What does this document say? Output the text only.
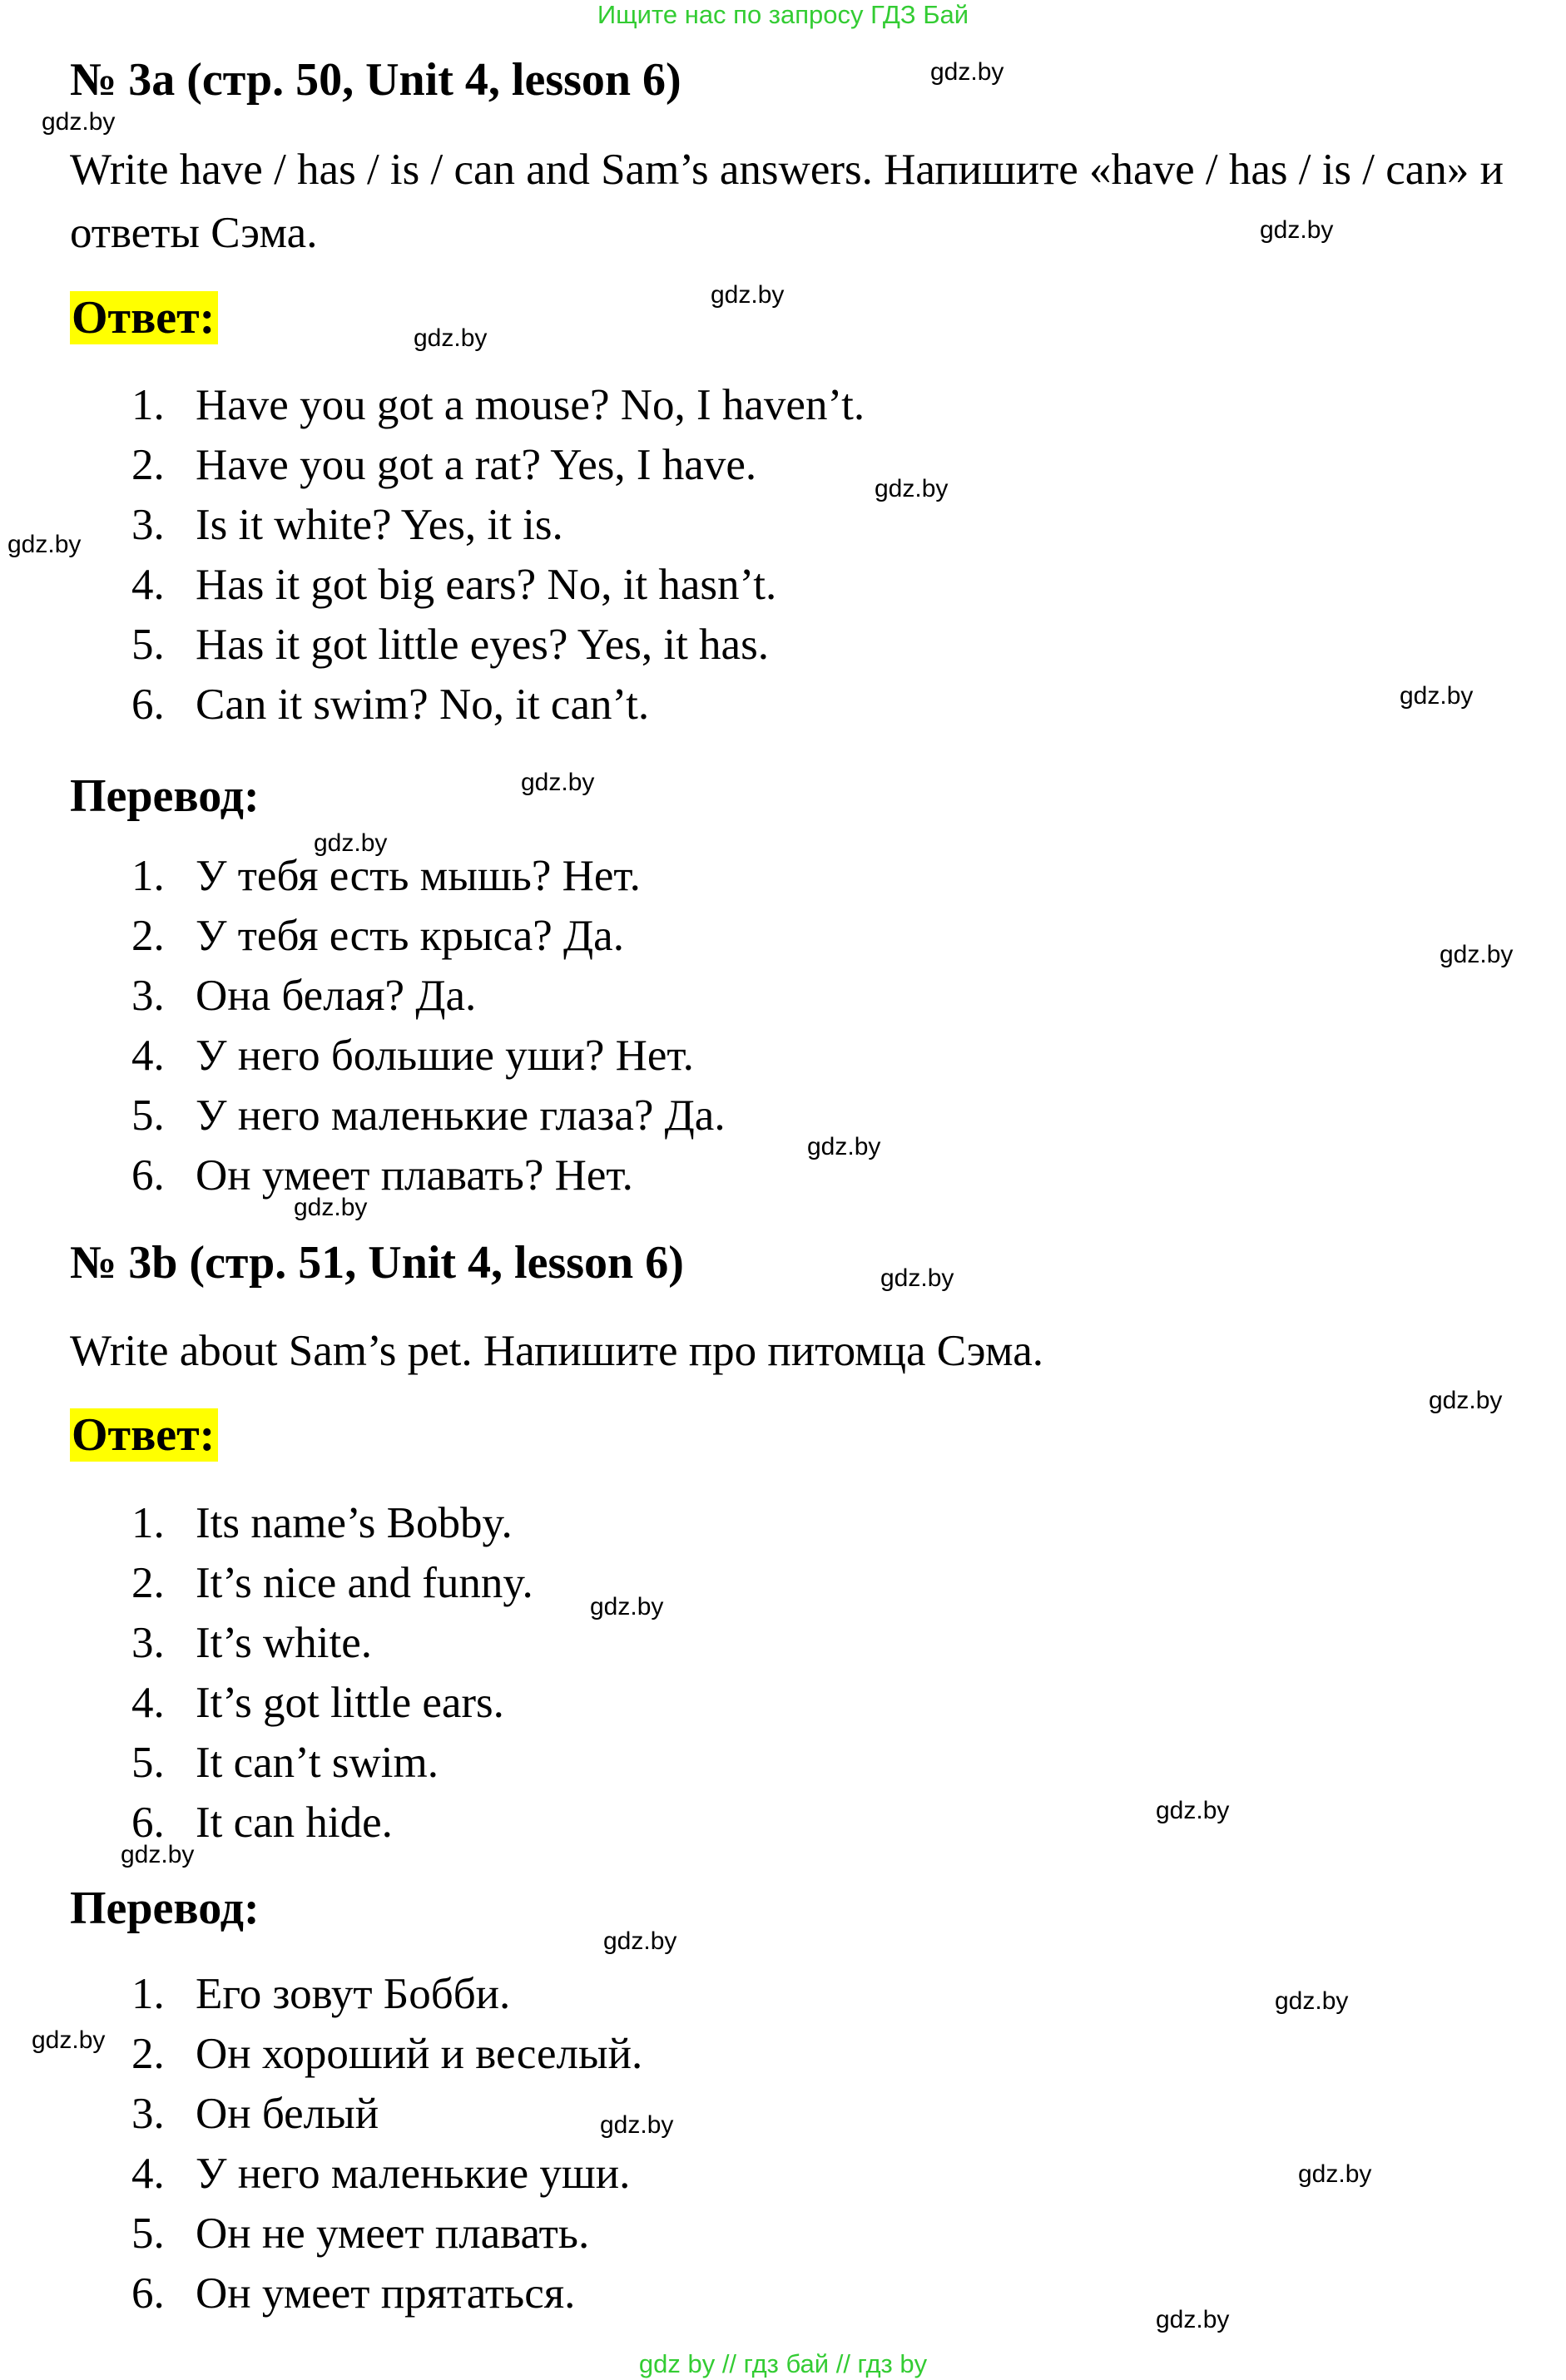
Ищите нас по запросу ГДЗ Бай
№ 3a (стр. 50, Unit 4, lesson 6)
Write have / has / is / can and Sam’s answers. Напишите «have / has / is / can» и ответы Сэма.
Ответ:
1. Have you got a mouse? No, I haven’t.
2. Have you got a rat? Yes, I have.
3. Is it white? Yes, it is.
4. Has it got big ears? No, it hasn’t.
5. Has it got little eyes? Yes, it has.
6. Can it swim? No, it can’t.
Перевод:
1. У тебя есть мышь? Нет.
2. У тебя есть крыса? Да.
3. Она белая? Да.
4. У него большие уши? Нет.
5. У него маленькие глаза? Да.
6. Он умеет плавать? Нет.
№ 3b (стр. 51, Unit 4, lesson 6)
Write about Sam’s pet. Напишите про питомца Сэма.
Ответ:
1. Its name’s Bobby.
2. It’s nice and funny.
3. It’s white.
4. It’s got little ears.
5. It can’t swim.
6. It can hide.
Перевод:
1. Его зовут Бобби.
2. Он хороший и веселый.
3. Он белый
4. У него маленькие уши.
5. Он не умеет плавать.
6. Он умеет прятаться.
gdz.by
gdz.by
gdz.by
gdz.by
gdz.by
gdz.by
gdz.by
gdz.by
gdz.by
gdz.by
gdz.by
gdz.by
gdz.by
gdz.by
gdz.by
gdz.by
gdz.by
gdz.by
gdz.by
gdz.by
gdz.by
gdz.by
gdz.by
gdz.by
gdz by // гдз бай // гдз by
